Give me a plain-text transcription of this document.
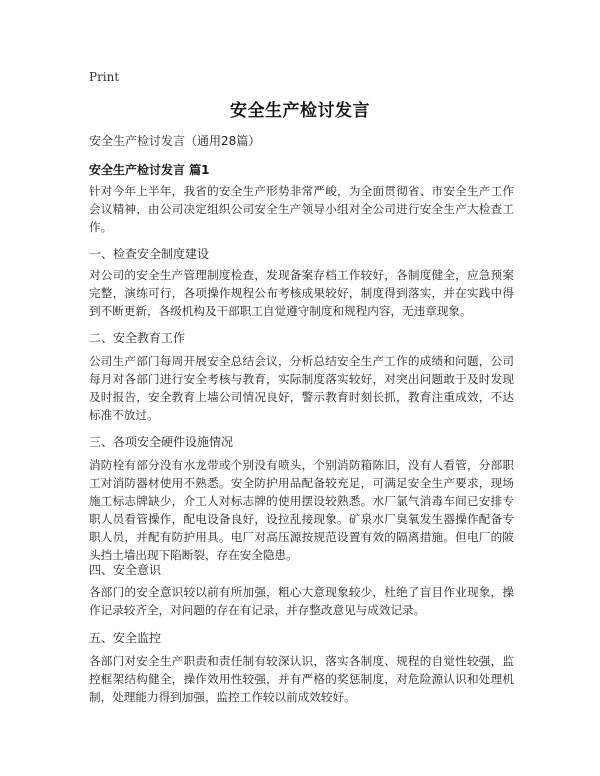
Print
安全生产检讨发言
安全生产检讨发言（通用28篇）
安全生产检讨发言 篇1

针对今年上半年，我省的安全生产形势非常严峻，为全面贯彻省、市安全生产工作会议精神，由公司决定组织公司安全生产领导小组对全公司进行安全生产大检查工作。

一、检查安全制度建设

对公司的安全生产管理制度检查，发现备案存档工作较好，各制度健全，应急预案完整，演练可行，各项操作规程公布考核成果较好，制度得到落实，并在实践中得到不断更新，各级机构及干部职工自觉遵守制度和规程内容，无违章现象。

二、安全教育工作

公司生产部门每周开展安全总结会议，分析总结安全生产工作的成绩和问题，公司每月对各部门进行安全考核与教育，实际制度落实较好，对突出问题敢于及时发现及时报告，安全教育上墙公司情况良好，警示教育时刻长抓，教育注重成效，不达标准不放过。

三、各项安全硬件设施情况

消防栓有部分没有水龙带或个别没有喷头，个别消防箱陈旧，没有人看管，分部职工对消防器材使用不熟悉。安全防护用品配备较充足，可满足安全生产要求，现场施工标志牌缺少，介工人对标志牌的使用摆设较熟悉。水厂氯气消毒车间已安排专职人员看管操作，配电设备良好，设拉乱接现象。矿泉水厂臭氧发生器操作配备专职人员，并配有防护用具。电厂对高压源按规范设置有效的隔离措施。但电厂的陂头挡土墙出现下陷断裂，存在安全隐患。

四、安全意识

各部门的安全意识较以前有所加强，粗心大意现象较少，杜绝了盲目作业现象，操作记录较齐全，对问题的存在有记录，并存整改意见与成效记录。

五、安全监控

各部门对安全生产职责和责任制有较深认识，落实各制度、规程的自觉性较强，监控框架结构健全，操作效用性较强，并有严格的奖惩制度，对危险源认识和处理机制，处理能力得到加强，监控工作较以前成效较好。
